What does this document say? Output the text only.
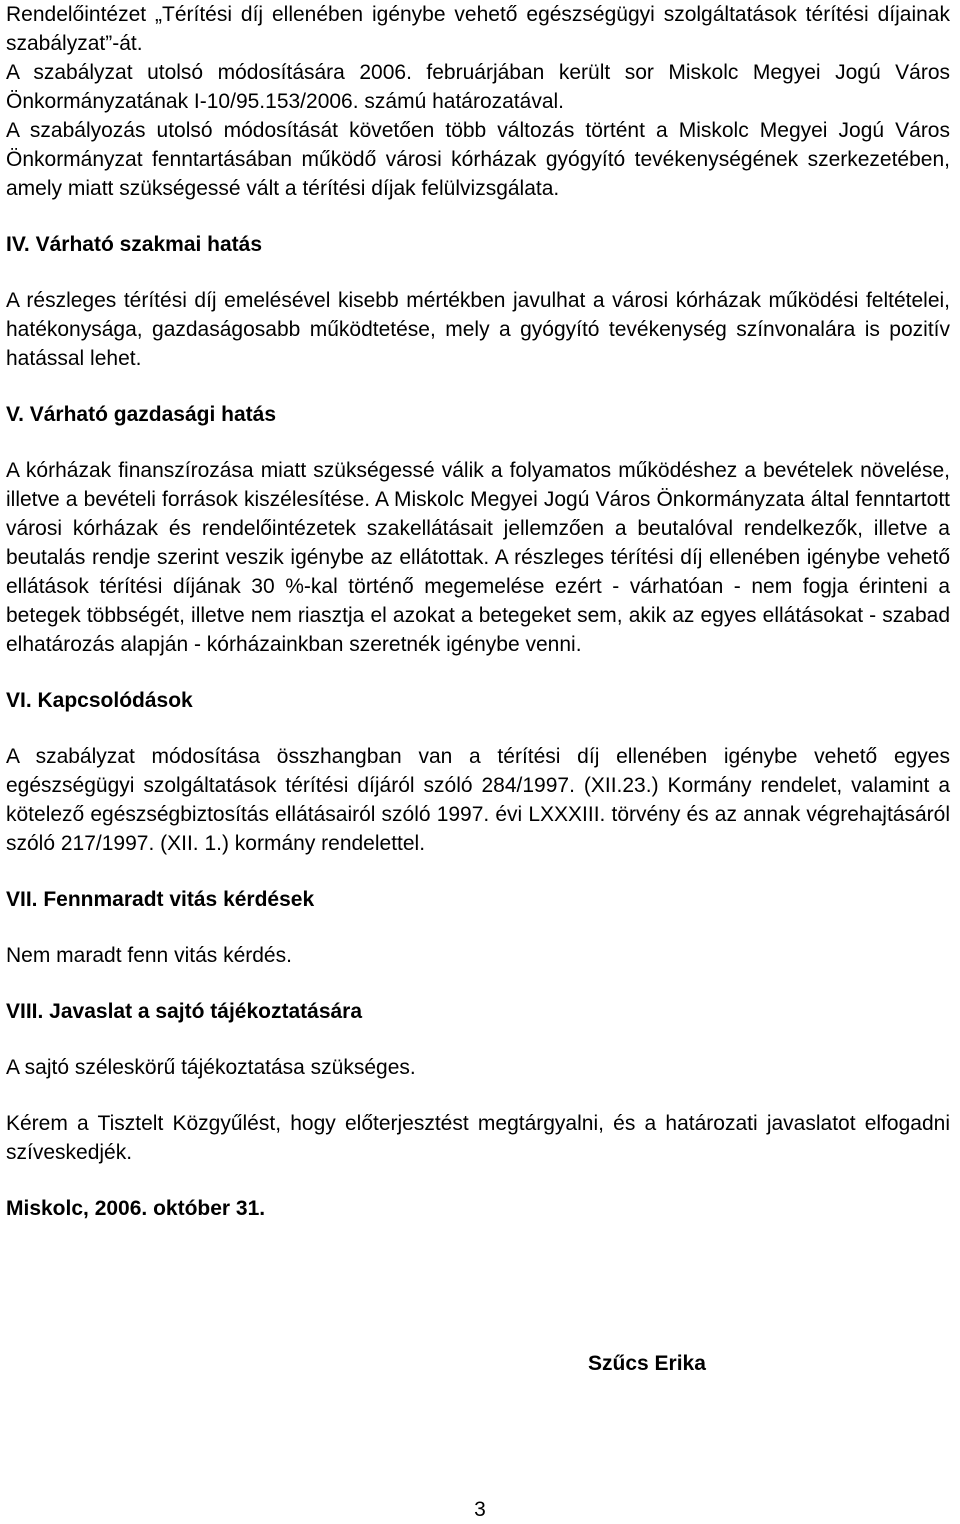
Rendelőintézet „Térítési díj ellenében igénybe vehető egészségügyi szolgáltatások térítési díjainak szabályzat”-át.

A szabályzat utolsó módosítására 2006. februárjában került sor Miskolc Megyei Jogú Város Önkormányzatának I-10/95.153/2006. számú határozatával.

A szabályozás utolsó módosítását követően több változás történt a Miskolc Megyei Jogú Város Önkormányzat fenntartásában működő városi kórházak gyógyító tevékenységének szerkezetében, amely miatt szükségessé vált a térítési díjak felülvizsgálata.

IV. Várható szakmai hatás

A részleges térítési díj emelésével kisebb mértékben javulhat a városi kórházak működési feltételei, hatékonysága, gazdaságosabb működtetése, mely a gyógyító tevékenység színvonalára is pozitív hatással lehet.

V. Várható gazdasági hatás

A kórházak finanszírozása miatt szükségessé válik a folyamatos működéshez a bevételek növelése, illetve a bevételi források kiszélesítése. A Miskolc Megyei Jogú Város Önkormányzata által fenntartott városi kórházak és rendelőintézetek szakellátásait jellemzően a beutalóval rendelkezők, illetve a beutalás rendje szerint veszik igénybe az ellátottak. A részleges térítési díj ellenében igénybe vehető ellátások térítési díjának 30 %-kal történő megemelése ezért - várhatóan - nem fogja érinteni a betegek többségét, illetve nem riasztja el azokat a betegeket sem, akik az egyes ellátásokat - szabad elhatározás alapján - kórházainkban szeretnék igénybe venni.

VI. Kapcsolódások

A szabályzat módosítása összhangban van a térítési díj ellenében igénybe vehető egyes egészségügyi szolgáltatások térítési díjáról szóló 284/1997. (XII.23.) Kormány rendelet, valamint a kötelező egészségbiztosítás ellátásairól szóló 1997. évi LXXXIII. törvény és az annak végrehajtásáról szóló 217/1997. (XII. 1.) kormány rendelettel.

VII. Fennmaradt vitás kérdések

Nem maradt fenn vitás kérdés.

VIII. Javaslat a sajtó tájékoztatására

A sajtó széleskörű tájékoztatása szükséges.

Kérem a Tisztelt Közgyűlést, hogy előterjesztést megtárgyalni, és a határozati javaslatot elfogadni szíveskedjék.

Miskolc, 2006. október 31.

Szűcs Erika
3
